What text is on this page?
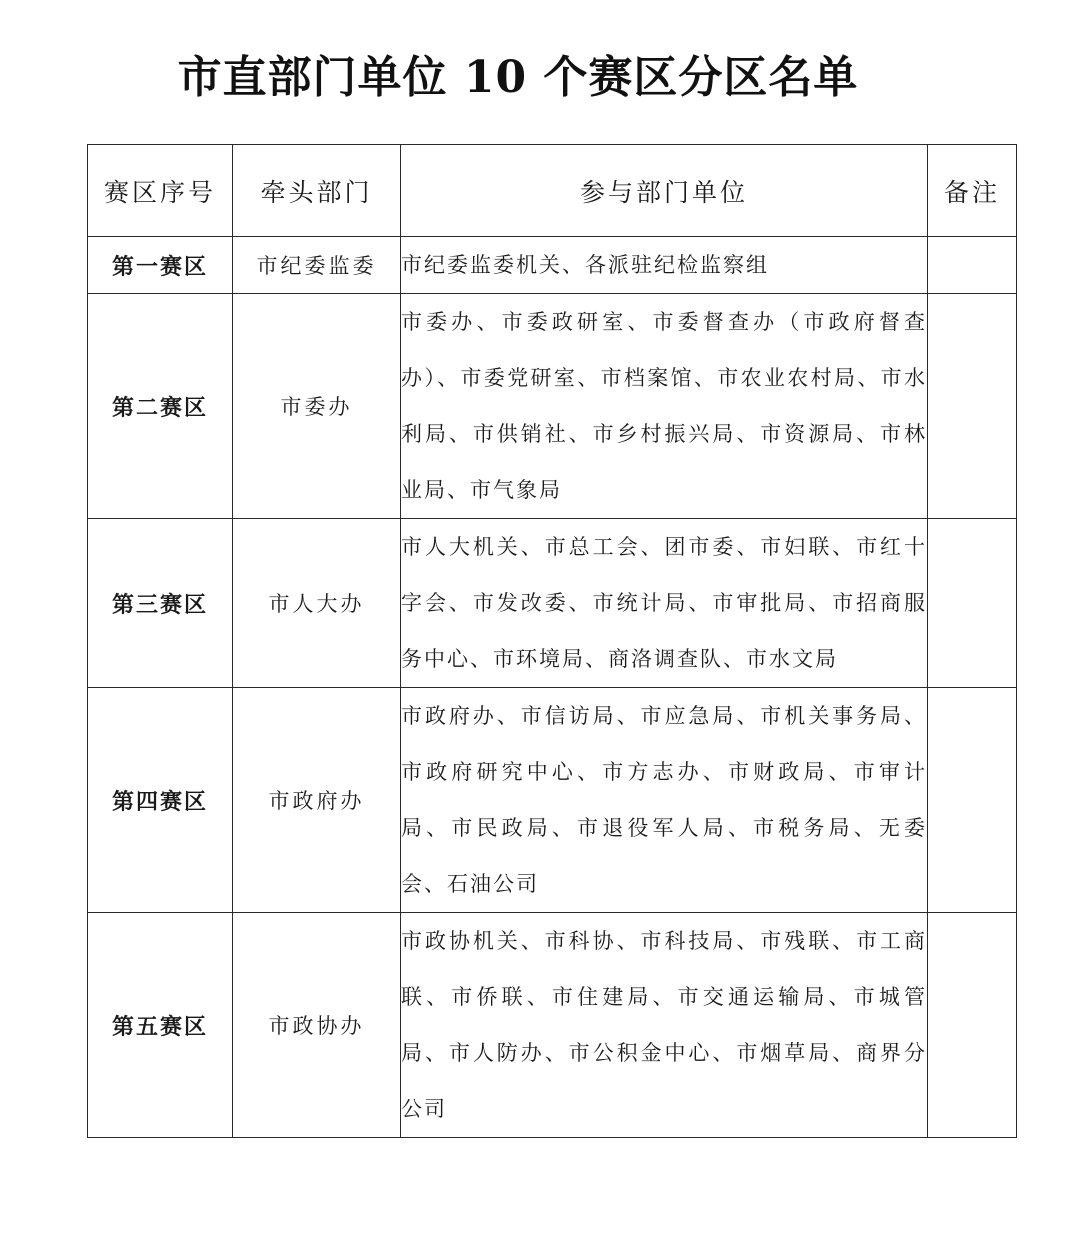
市直部门单位 10 个赛区分区名单
赛区序号	牵头部门	参与部门单位	备注
第一赛区	市纪委监委	市纪委监委机关、各派驻纪检监察组	
第二赛区	市委办	市委办、市委政研室、市委督查办（市政府督查办）、市委党研室、市档案馆、市农业农村局、市水利局、市供销社、市乡村振兴局、市资源局、市林业局、市气象局	
第三赛区	市人大办	市人大机关、市总工会、团市委、市妇联、市红十字会、市发改委、市统计局、市审批局、市招商服务中心、市环境局、商洛调查队、市水文局	
第四赛区	市政府办	市政府办、市信访局、市应急局、市机关事务局、市政府研究中心、市方志办、市财政局、市审计局、市民政局、市退役军人局、市税务局、无委会、石油公司	
第五赛区	市政协办	市政协机关、市科协、市科技局、市残联、市工商联、市侨联、市住建局、市交通运输局、市城管局、市人防办、市公积金中心、市烟草局、商界分公司	
